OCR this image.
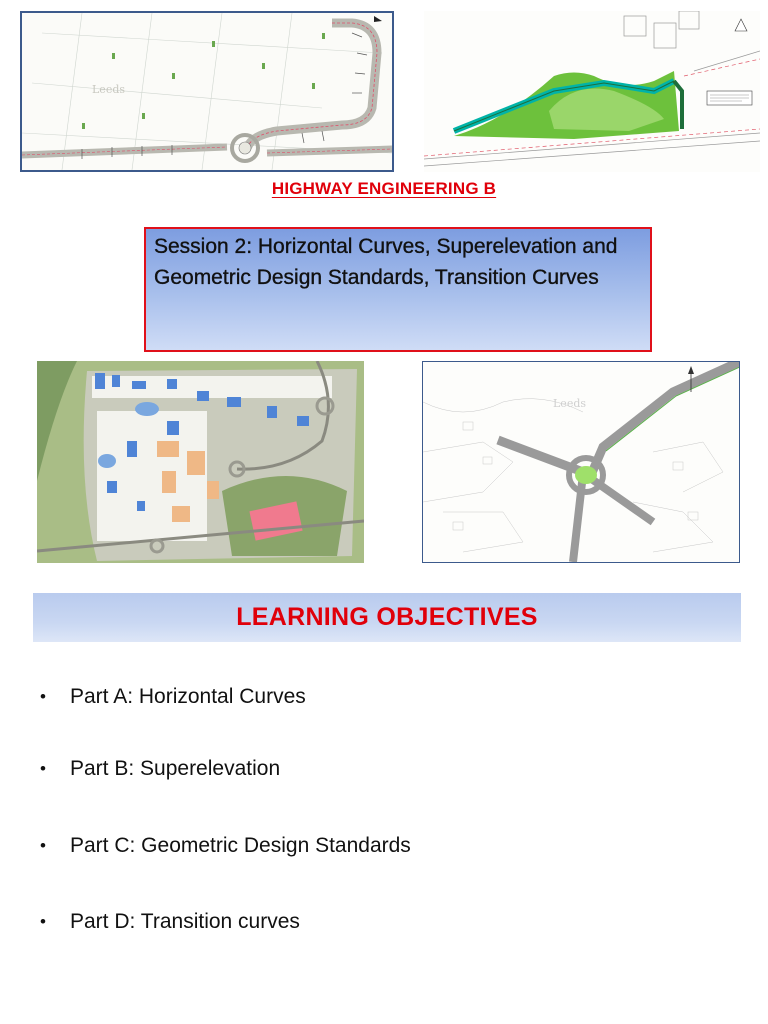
Leeds
HIGHWAY ENGINEERING B
Session 2: Horizontal Curves, Superelevation and Geometric Design Standards, Transition Curves
Leeds
LEARNING OBJECTIVES
•	Part A: Horizontal Curves
•	Part B: Superelevation
•	Part C: Geometric Design Standards
•	Part D: Transition curves
